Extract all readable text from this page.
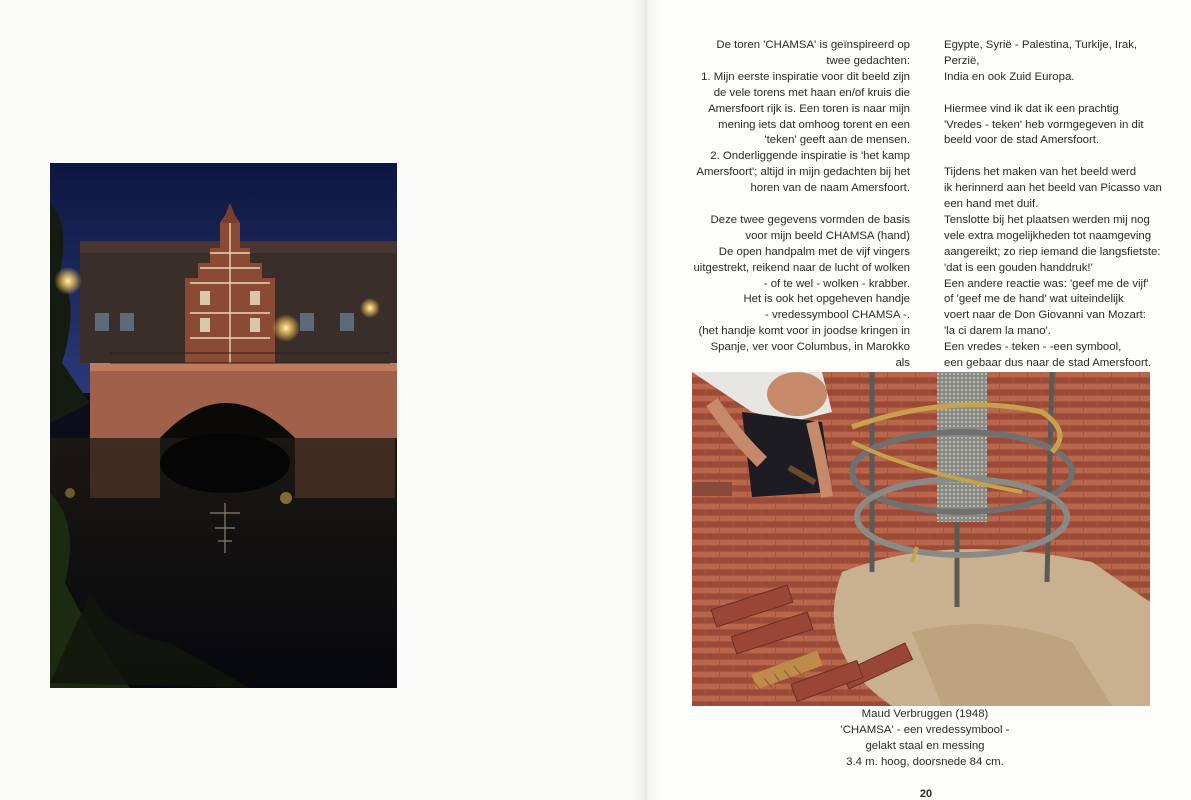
De toren 'CHAMSA' is geïnspireerd op
twee gedachten:
1. Mijn eerste inspiratie voor dit beeld zijn
de vele torens met haan en/of kruis die
Amersfoort rijk is. Een toren is naar mijn
mening iets dat omhoog torent en een
'teken' geeft aan de mensen.
2. Onderliggende inspiratie is 'het kamp
Amersfoort'; altijd in mijn gedachten bij het
horen van de naam Amersfoort.

Deze twee gegevens vormden de basis
voor mijn beeld CHAMSA (hand)
De open handpalm met de vijf vingers
uitgestrekt, reikend naar de lucht of wolken
- of te wel - wolken - krabber.
Het is ook het opgeheven handje
- vredessymbool CHAMSA -.
(het handje komt voor in joodse kringen in
Spanje, ver voor Columbus, in Marokko als

Egypte, Syrië - Palestina, Turkije, Irak, Perzië,
India en ook Zuid Europa.

Hiermee vind ik dat ik een prachtig
'Vredes - teken' heb vormgegeven in dit
beeld voor de stad Amersfoort.

Tijdens het maken van het beeld werd
ik herinnerd aan het beeld van Picasso van
een hand met duif.
Tenslotte bij het plaatsen werden mij nog
vele extra mogelijkheden tot naamgeving
aangereikt; zo riep iemand die langsfietste:
'dat is een gouden handdruk!'
Een andere reactie was: 'geef me de vijf'
of 'geef me de hand' wat uiteindelijk
voert naar de Don Giovanni van Mozart:
'la ci darem la mano'.
Een vredes - teken - -een symbool,
een gebaar dus naar de stad Amersfoort.

Maud Verbruggen (1948)

'CHAMSA' - een vredessymbool -

gelakt staal en messing

3.4 m. hoog, doorsnede 84 cm.

20
